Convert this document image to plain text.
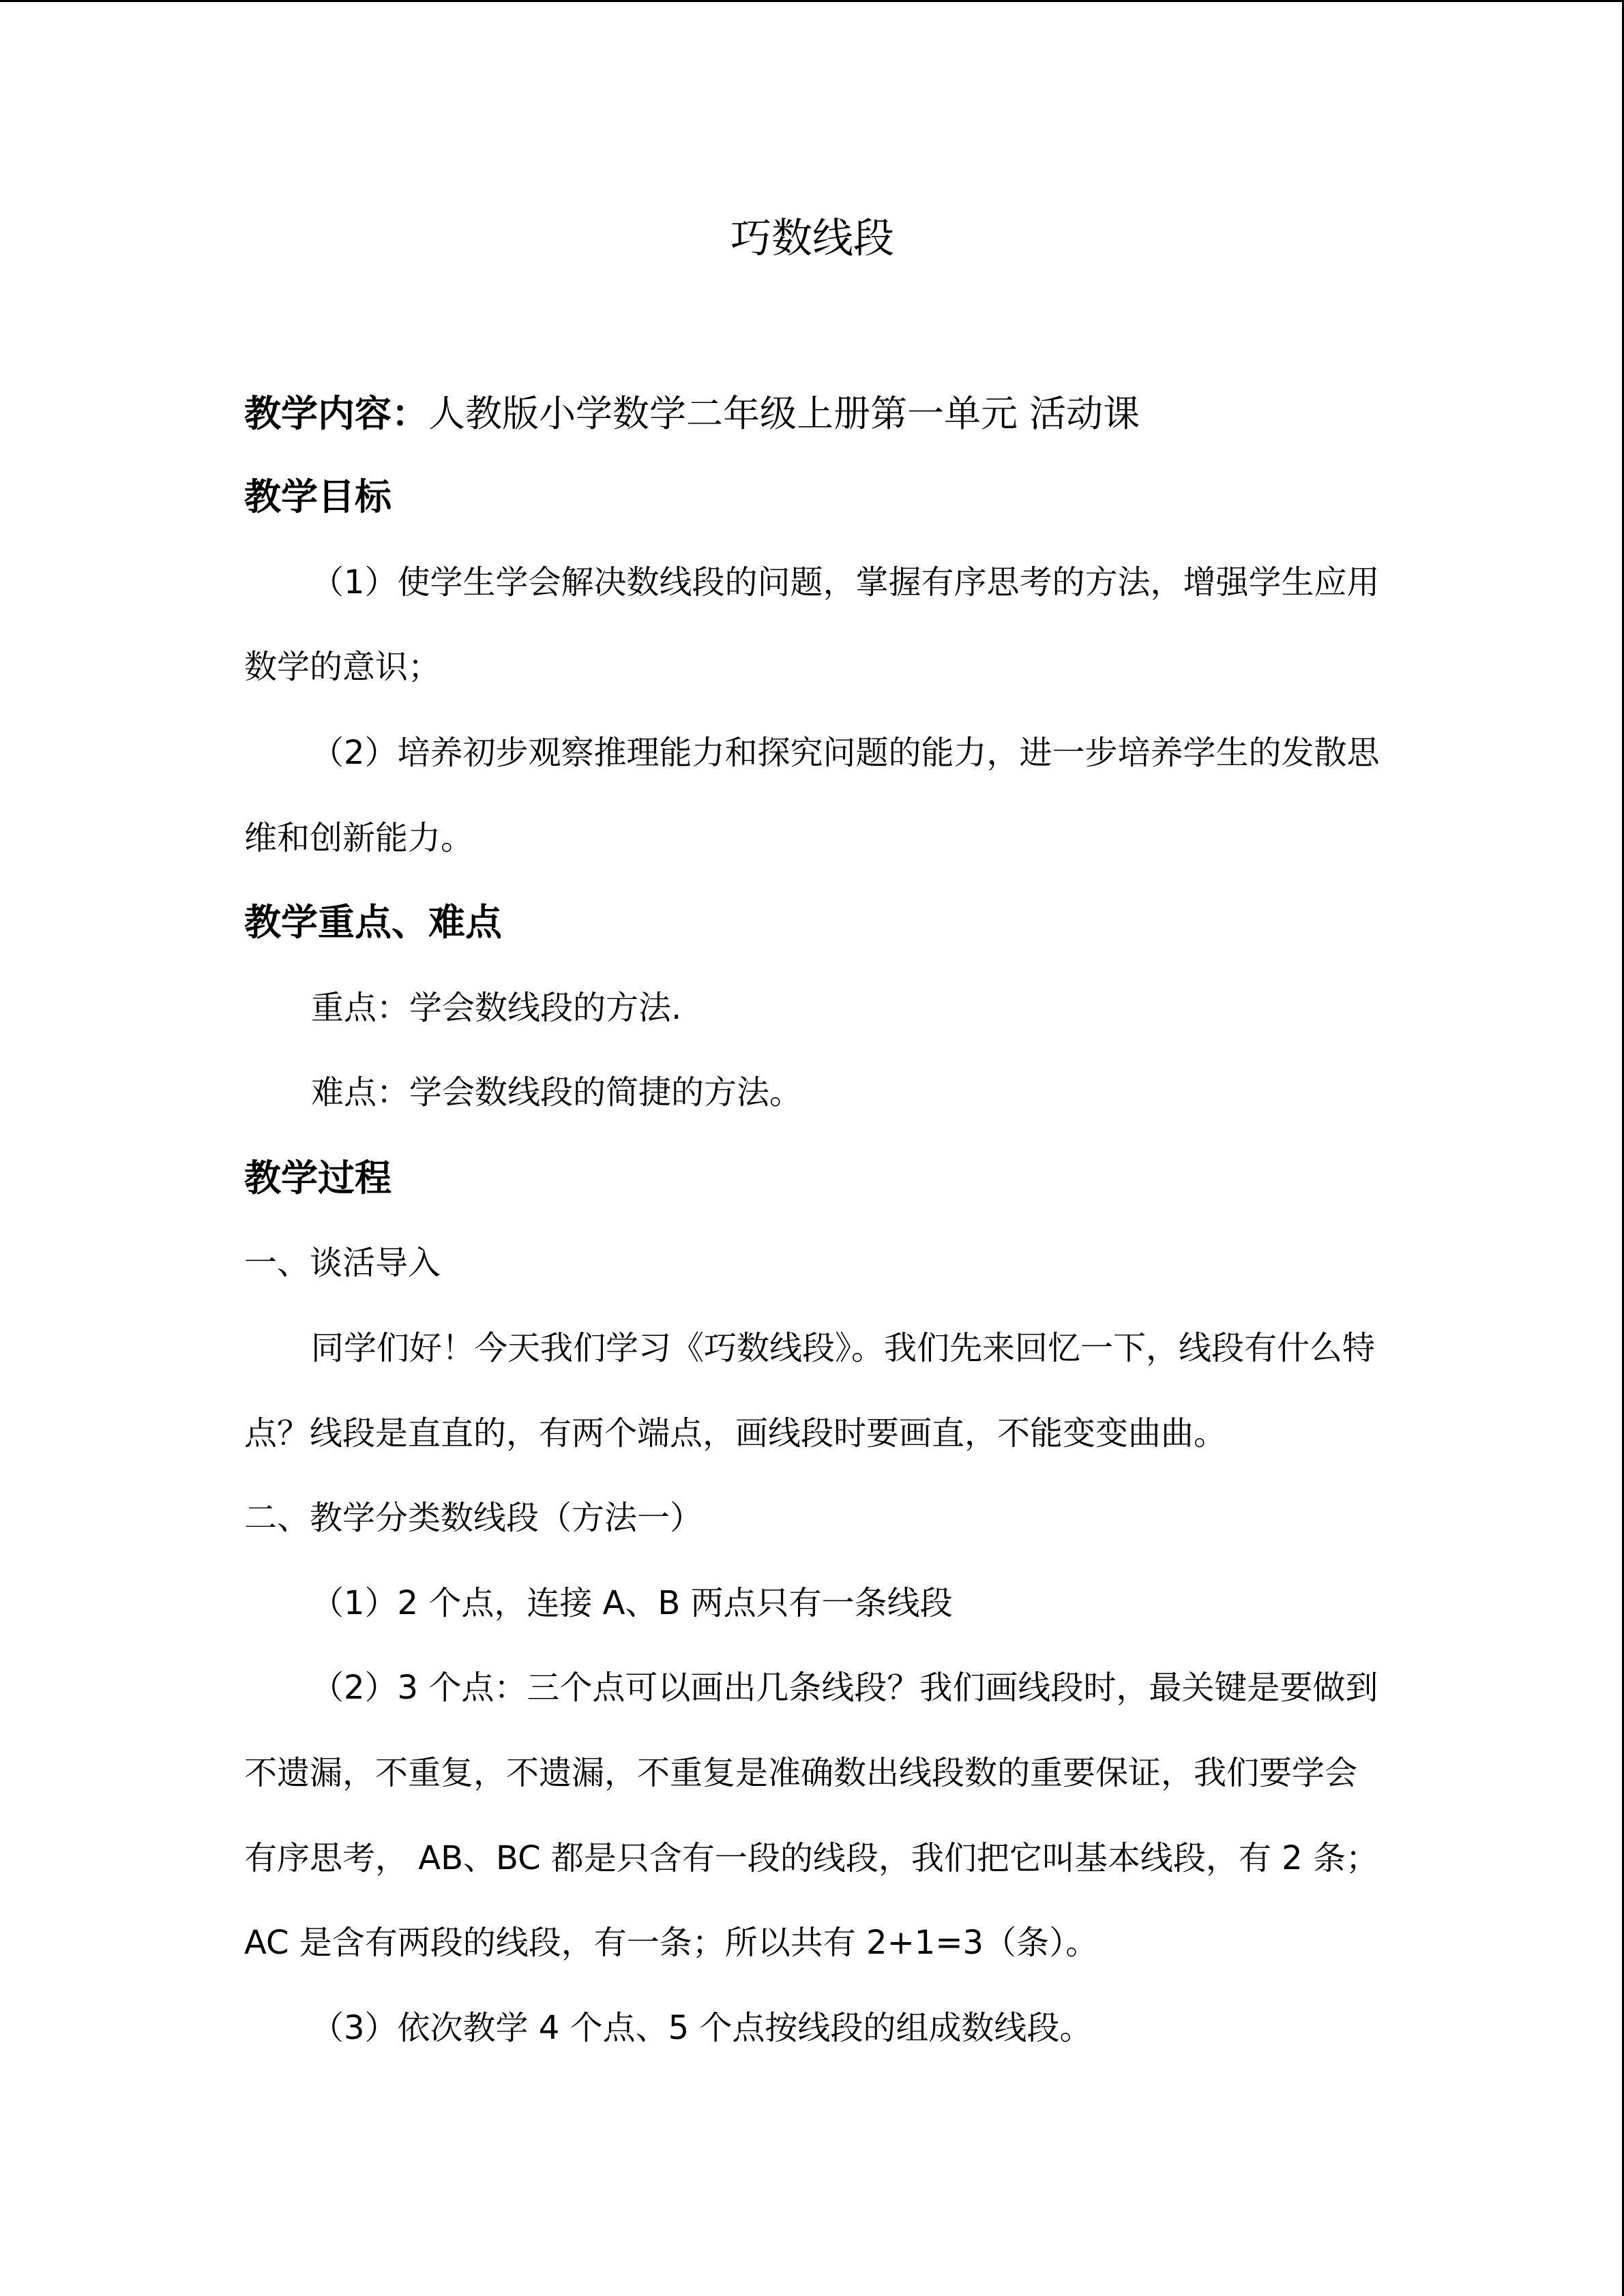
巧数线段
教学内容：人教版小学数学二年级上册第一单元 活动课
教学目标
（1）使学生学会解决数线段的问题，掌握有序思考的方法，增强学生应用
数学的意识；
（2）培养初步观察推理能力和探究问题的能力，进一步培养学生的发散思
维和创新能力。
教学重点、难点
重点：学会数线段的方法.
难点：学会数线段的简捷的方法。
教学过程
一、谈活导入
同学们好！今天我们学习《巧数线段》。我们先来回忆一下，线段有什么特
点？线段是直直的，有两个端点，画线段时要画直，不能变变曲曲。
二、教学分类数线段（方法一）
（1）2 个点，连接 A、B 两点只有一条线段
（2）3 个点：三个点可以画出几条线段？我们画线段时，最关键是要做到
不遗漏，不重复，不遗漏，不重复是准确数出线段数的重要保证，我们要学会
有序思考， AB、BC 都是只含有一段的线段，我们把它叫基本线段，有 2 条；
AC 是含有两段的线段，有一条；所以共有 2+1=3（条）。
（3）依次教学 4 个点、5 个点按线段的组成数线段。
